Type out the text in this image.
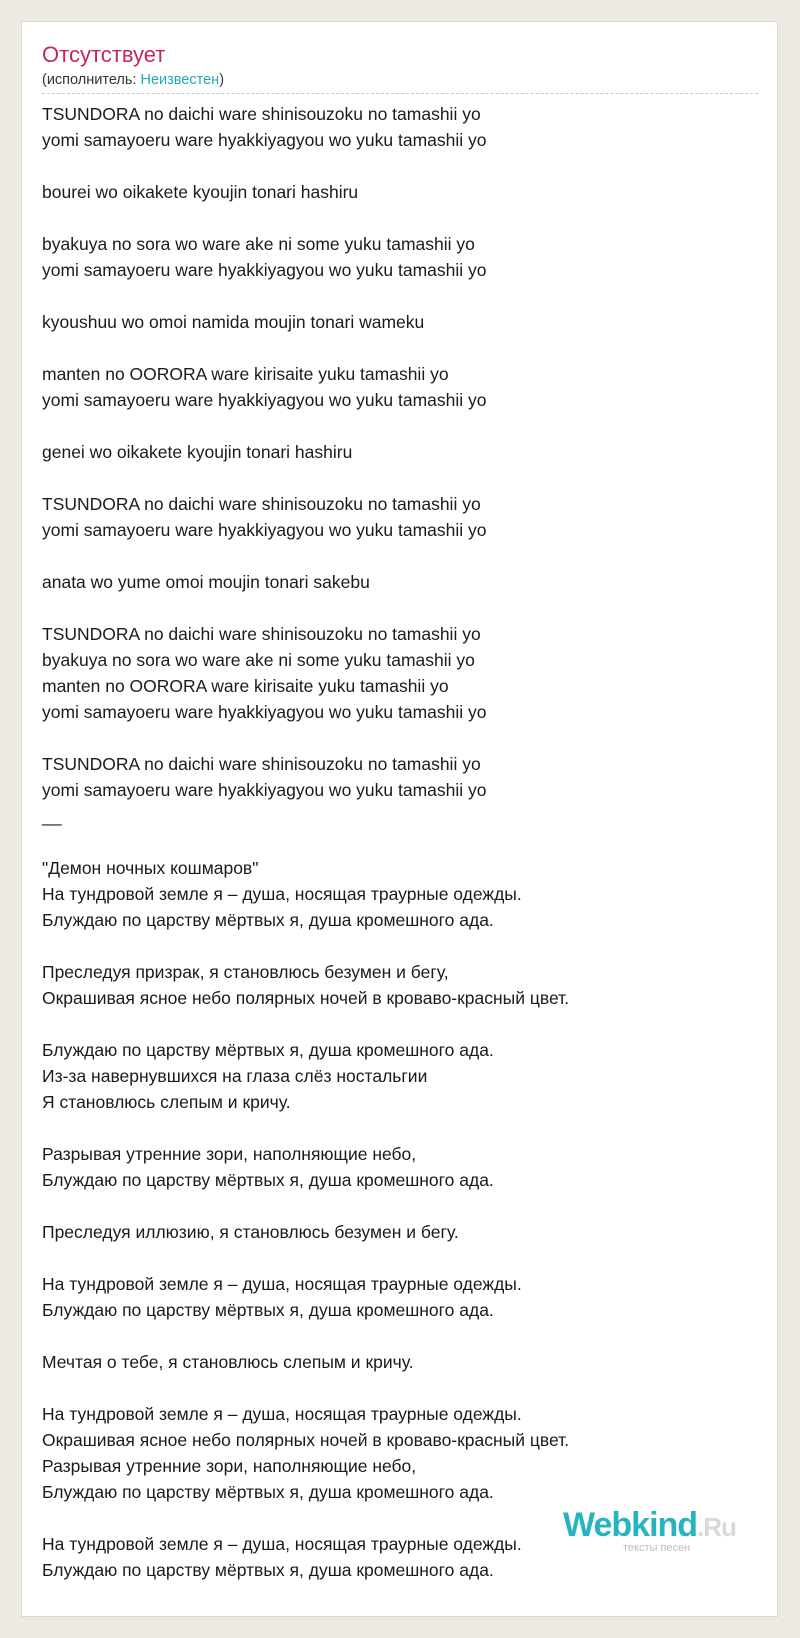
Отсутствует
(исполнитель: Неизвестен)
TSUNDORA no daichi ware shinisouzoku no tamashii yo
yomi samayoeru ware hyakkiyagyou wo yuku tamashii yo
bourei wo oikakete kyoujin tonari hashiru
byakuya no sora wo ware ake ni some yuku tamashii yo
yomi samayoeru ware hyakkiyagyou wo yuku tamashii yo
kyoushuu wo omoi namida moujin tonari wameku
manten no OORORA ware kirisaite yuku tamashii yo
yomi samayoeru ware hyakkiyagyou wo yuku tamashii yo
genei wo oikakete kyoujin tonari hashiru
TSUNDORA no daichi ware shinisouzoku no tamashii yo
yomi samayoeru ware hyakkiyagyou wo yuku tamashii yo
anata wo yume omoi moujin tonari sakebu
TSUNDORA no daichi ware shinisouzoku no tamashii yo
byakuya no sora wo ware ake ni some yuku tamashii yo
manten no OORORA ware kirisaite yuku tamashii yo
yomi samayoeru ware hyakkiyagyou wo yuku tamashii yo
TSUNDORA no daichi ware shinisouzoku no tamashii yo
yomi samayoeru ware hyakkiyagyou wo yuku tamashii yo
__
"Демон ночных кошмаров"
На тундровой земле я – душа, носящая траурные одежды.
Блуждаю по царству мёртвых я, душа кромешного ада.
Преследуя призрак, я становлюсь безумен и бегу,
Окрашивая ясное небо полярных ночей в кроваво-красный цвет.
Блуждаю по царству мёртвых я, душа кромешного ада.
Из-за навернувшихся на глаза слёз ностальгии
Я становлюсь слепым и кричу.
Разрывая утренние зори, наполняющие небо,
Блуждаю по царству мёртвых я, душа кромешного ада.
Преследуя иллюзию, я становлюсь безумен и бегу.
На тундровой земле я – душа, носящая траурные одежды.
Блуждаю по царству мёртвых я, душа кромешного ада.
Мечтая о тебе, я становлюсь слепым и кричу.
На тундровой земле я – душа, носящая траурные одежды.
Окрашивая ясное небо полярных ночей в кроваво-красный цвет.
Разрывая утренние зори, наполняющие небо,
Блуждаю по царству мёртвых я, душа кромешного ада.
На тундровой земле я – душа, носящая траурные одежды.
Блуждаю по царству мёртвых я, душа кромешного ада.
Webkind.Ru
тексты песен
